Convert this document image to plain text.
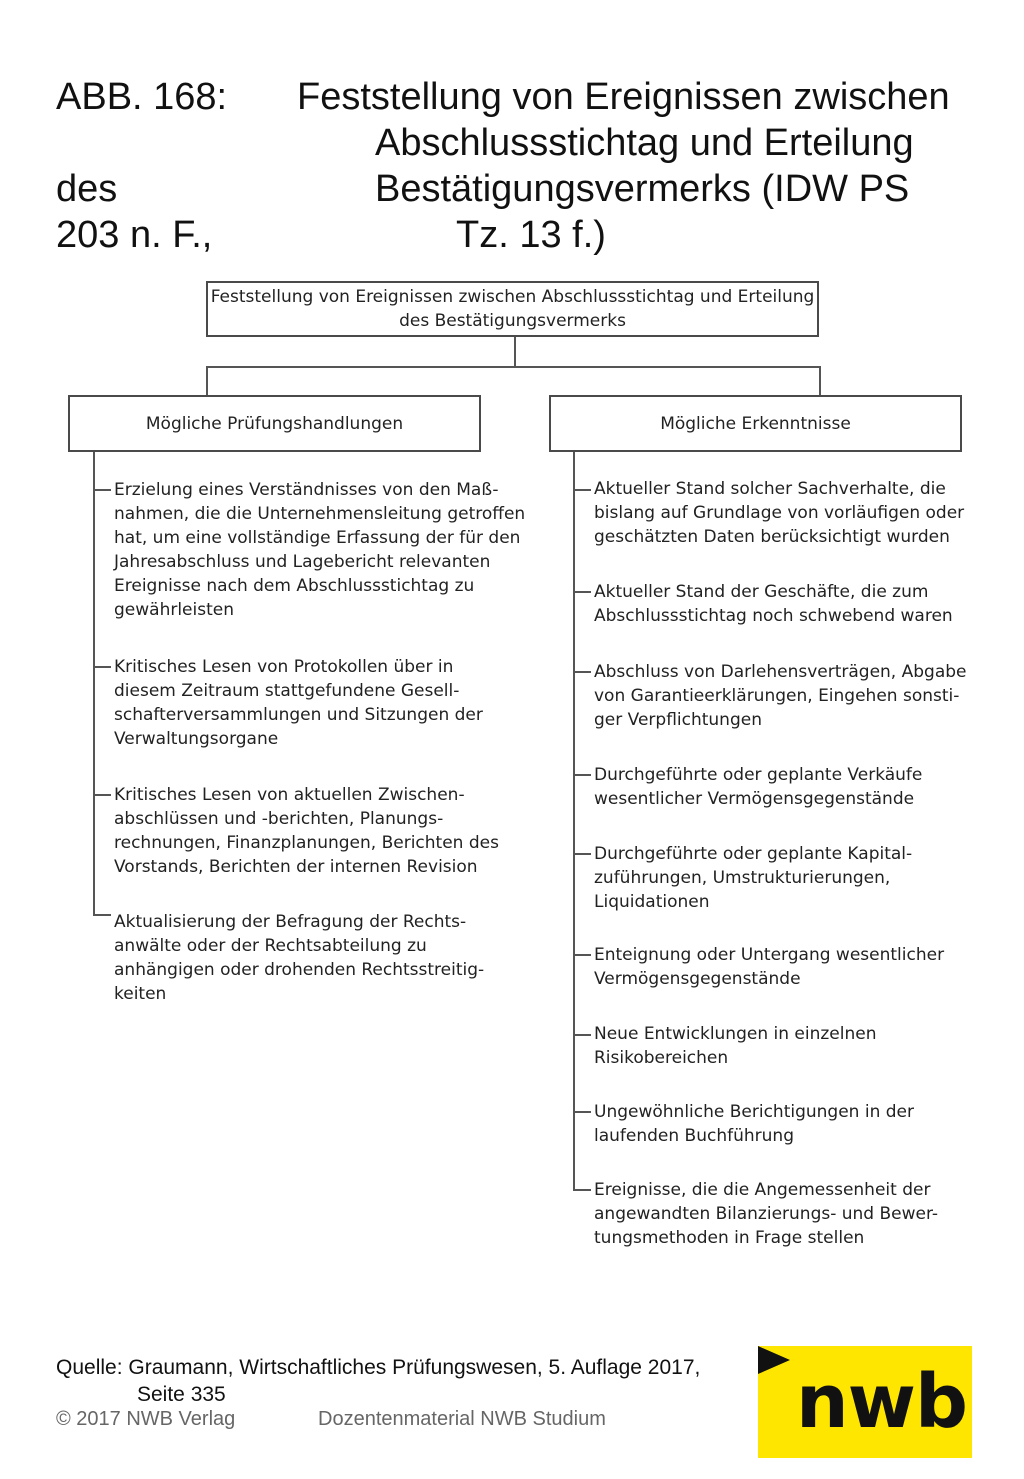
ABB. 168: Feststellung von Ereignissen zwischen
Abschlussstichtag und Erteilung
des	Bestätigungsvermerks (IDW PS
203 n. F.,	Tz. 13 f.)
Feststellung von Ereignissen zwischen Abschlussstichtag und Erteilung
des Bestätigungsvermerks
Mögliche Prüfungshandlungen	Mögliche Erkenntnisse
Erzielung eines Verständnisses von den Maß-
nahmen, die die Unternehmensleitung getroffen
hat, um eine vollständige Erfassung der für den
Jahresabschluss und Lagebericht relevanten
Ereignisse nach dem Abschlussstichtag zu
gewährleisten
Kritisches Lesen von Protokollen über in
diesem Zeitraum stattgefundene Gesell-
schafterversammlungen und Sitzungen der
Verwaltungsorgane
Kritisches Lesen von aktuellen Zwischen-
abschlüssen und -berichten, Planungs-
rechnungen, Finanzplanungen, Berichten des
Vorstands, Berichten der internen Revision
Aktualisierung der Befragung der Rechts-
anwälte oder der Rechtsabteilung zu
anhängigen oder drohenden Rechtsstreitig-
keiten
Aktueller Stand solcher Sachverhalte, die
bislang auf Grundlage von vorläufigen oder
geschätzten Daten berücksichtigt wurden
Aktueller Stand der Geschäfte, die zum
Abschlussstichtag noch schwebend waren
Abschluss von Darlehensverträgen, Abgabe
von Garantieerklärungen, Eingehen sonsti-
ger Verpflichtungen
Durchgeführte oder geplante Verkäufe
wesentlicher Vermögensgegenstände
Durchgeführte oder geplante Kapital-
zuführungen, Umstrukturierungen,
Liquidationen
Enteignung oder Untergang wesentlicher
Vermögensgegenstände
Neue Entwicklungen in einzelnen
Risikobereichen
Ungewöhnliche Berichtigungen in der
laufenden Buchführung
Ereignisse, die die Angemessenheit der
angewandten Bilanzierungs- und Bewer-
tungsmethoden in Frage stellen
Quelle: Graumann, Wirtschaftliches Prüfungswesen, 5. Auflage 2017,
Seite 335
© 2017 NWB Verlag	Dozentenmaterial NWB Studium	nwb
